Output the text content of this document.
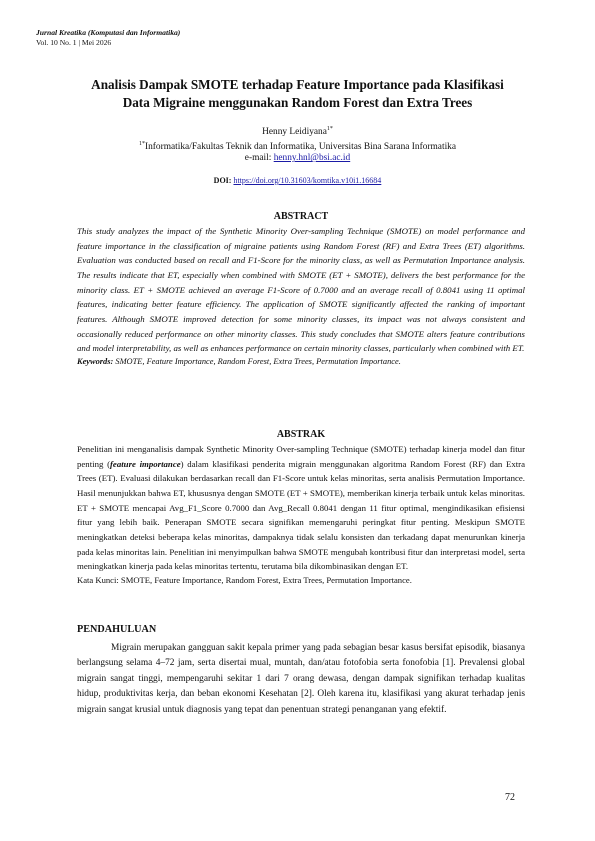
Jurnal Kreatika (Komputasi dan Informatika)
Vol. 10 No. 1 | Mei 2026
Analisis Dampak SMOTE terhadap Feature Importance pada Klasifikasi
Data Migraine menggunakan Random Forest dan Extra Trees
Henny Leidiyana$^{1*}$
$^{1*}$Informatika/Fakultas Teknik dan Informatika, Universitas Bina Sarana Informatika
e-mail: henny.hnl@bsi.ac.id
DOI: https://doi.org/10.31603/komtika.v10i1.16684
ABSTRACT

This study analyzes the impact of the Synthetic Minority Over-sampling Technique (SMOTE) on model performance and feature importance in the classification of migraine patients using Random Forest (RF) and Extra Trees (ET) algorithms. Evaluation was conducted based on recall and F1-Score for the minority class, as well as Permutation Importance analysis. The results indicate that ET, especially when combined with SMOTE (ET + SMOTE), delivers the best performance for the minority class. ET + SMOTE achieved an average F1-Score of 0.7000 and an average recall of 0.8041 using 11 optimal features, indicating better feature efficiency. The application of SMOTE significantly affected the ranking of important features. Although SMOTE improved detection for some minority classes, its impact was not always consistent and occasionally reduced performance on other minority classes. This study concludes that SMOTE alters feature contributions and model interpretability, as well as enhances performance on certain minority classes, particularly when combined with ET.

Keywords: SMOTE, Feature Importance, Random Forest, Extra Trees, Permutation Importance.

ABSTRAK

Penelitian ini menganalisis dampak Synthetic Minority Over-sampling Technique (SMOTE) terhadap kinerja model dan fitur penting (feature importance) dalam klasifikasi penderita migrain menggunakan algoritma Random Forest (RF) dan Extra Trees (ET). Evaluasi dilakukan berdasarkan recall dan F1-Score untuk kelas minoritas, serta analisis Permutation Importance. Hasil menunjukkan bahwa ET, khususnya dengan SMOTE (ET + SMOTE), memberikan kinerja terbaik untuk kelas minoritas. ET + SMOTE mencapai Avg_F1_Score 0.7000 dan Avg_Recall 0.8041 dengan 11 fitur optimal, mengindikasikan efisiensi fitur yang lebih baik. Penerapan SMOTE secara signifikan memengaruhi peringkat fitur penting. Meskipun SMOTE meningkatkan deteksi beberapa kelas minoritas, dampaknya tidak selalu konsisten dan terkadang dapat menurunkan kinerja pada kelas minoritas lain. Penelitian ini menyimpulkan bahwa SMOTE mengubah kontribusi fitur dan interpretasi model, serta meningkatkan kinerja pada kelas minoritas tertentu, terutama bila dikombinasikan dengan ET.

Kata Kunci: SMOTE, Feature Importance, Random Forest, Extra Trees, Permutation Importance.

PENDAHULUAN

Migrain merupakan gangguan sakit kepala primer yang pada sebagian besar kasus bersifat episodik, biasanya berlangsung selama 4–72 jam, serta disertai mual, muntah, dan/atau fotofobia serta fonofobia [1]. Prevalensi global migrain sangat tinggi, mempengaruhi sekitar 1 dari 7 orang dewasa, dengan dampak signifikan terhadap kualitas hidup, produktivitas kerja, dan beban ekonomi Kesehatan [2]. Oleh karena itu, klasifikasi yang akurat terhadap jenis migrain sangat krusial untuk diagnosis yang tepat dan penentuan strategi penanganan yang efektif.

72
